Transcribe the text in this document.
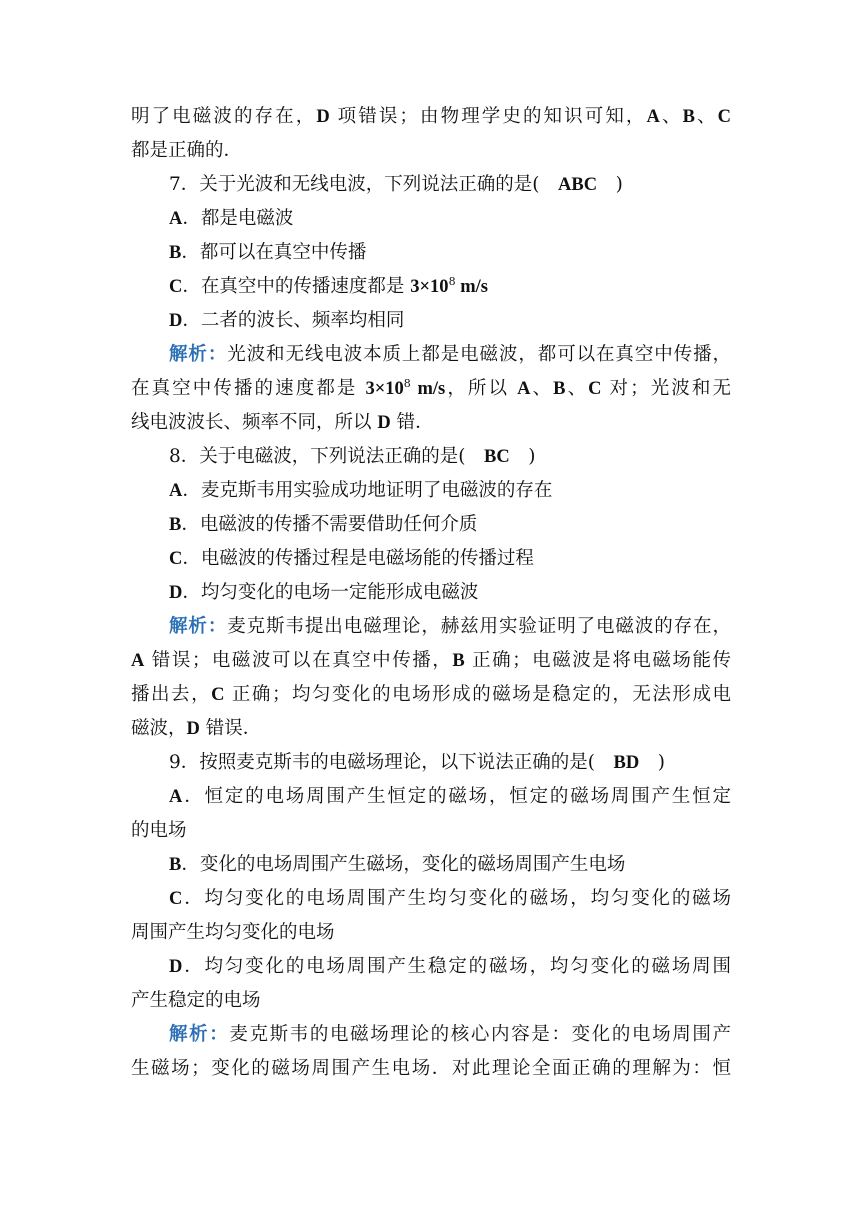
明了电磁波的存在，D 项错误；由物理学史的知识可知，A、B、C
都是正确的．
7．关于光波和无线电波，下列说法正确的是(　ABC　)
A．都是电磁波
B．都可以在真空中传播
C．在真空中的传播速度都是 $3\times 10^8$ m/s
D．二者的波长、频率均相同
解析：光波和无线电波本质上都是电磁波，都可以在真空中传播，
在真空中传播的速度都是 $3\times 10^8$ m/s，所以 A、B、C 对；光波和无
线电波波长、频率不同，所以 D 错．
8．关于电磁波，下列说法正确的是(　BC　)
A．麦克斯韦用实验成功地证明了电磁波的存在
B．电磁波的传播不需要借助任何介质
C．电磁波的传播过程是电磁场能的传播过程
D．均匀变化的电场一定能形成电磁波
解析：麦克斯韦提出电磁理论，赫兹用实验证明了电磁波的存在，
A 错误；电磁波可以在真空中传播，B 正确；电磁波是将电磁场能传
播出去，C 正确；均匀变化的电场形成的磁场是稳定的，无法形成电
磁波，D 错误．
9．按照麦克斯韦的电磁场理论，以下说法正确的是(　BD　)
A．恒定的电场周围产生恒定的磁场，恒定的磁场周围产生恒定
的电场
B．变化的电场周围产生磁场，变化的磁场周围产生电场
C．均匀变化的电场周围产生均匀变化的磁场，均匀变化的磁场
周围产生均匀变化的电场
D．均匀变化的电场周围产生稳定的磁场，均匀变化的磁场周围
产生稳定的电场
解析：麦克斯韦的电磁场理论的核心内容是：变化的电场周围产
生磁场；变化的磁场周围产生电场．对此理论全面正确的理解为：恒
